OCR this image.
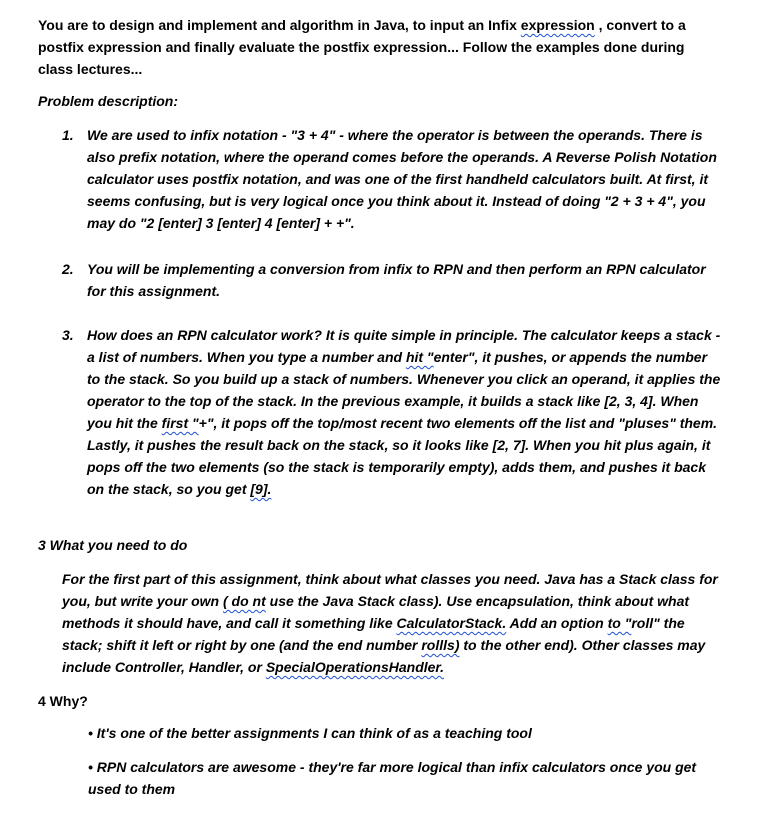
You are to design and implement and algorithm in Java, to input an Infix expression , convert to a postfix expression and finally evaluate the postfix expression... Follow the examples done during class lectures...
Problem description:
1. We are used to infix notation - "3 + 4" - where the operator is between the operands. There is also prefix notation, where the operand comes before the operands. A Reverse Polish Notation calculator uses postfix notation, and was one of the first handheld calculators built. At first, it seems confusing, but is very logical once you think about it. Instead of doing "2 + 3 + 4", you may do "2 [enter] 3 [enter] 4 [enter] + +".
2. You will be implementing a conversion from infix to RPN and then perform an RPN calculator for this assignment.
3. How does an RPN calculator work? It is quite simple in principle. The calculator keeps a stack - a list of numbers. When you type a number and hit "enter", it pushes, or appends the number to the stack. So you build up a stack of numbers. Whenever you click an operand, it applies the operator to the top of the stack. In the previous example, it builds a stack like [2, 3, 4]. When you hit the first "+", it pops off the top/most recent two elements off the list and "pluses" them. Lastly, it pushes the result back on the stack, so it looks like [2, 7]. When you hit plus again, it pops off the two elements (so the stack is temporarily empty), adds them, and pushes it back on the stack, so you get [9].
3 What you need to do
For the first part of this assignment, think about what classes you need. Java has a Stack class for you, but write your own ( do nt use the Java Stack class). Use encapsulation, think about what methods it should have, and call it something like CalculatorStack. Add an option to "roll" the stack; shift it left or right by one (and the end number rollls) to the other end). Other classes may include Controller, Handler, or SpecialOperationsHandler.
4 Why?
• It's one of the better assignments I can think of as a teaching tool
• RPN calculators are awesome - they're far more logical than infix calculators once you get used to them
